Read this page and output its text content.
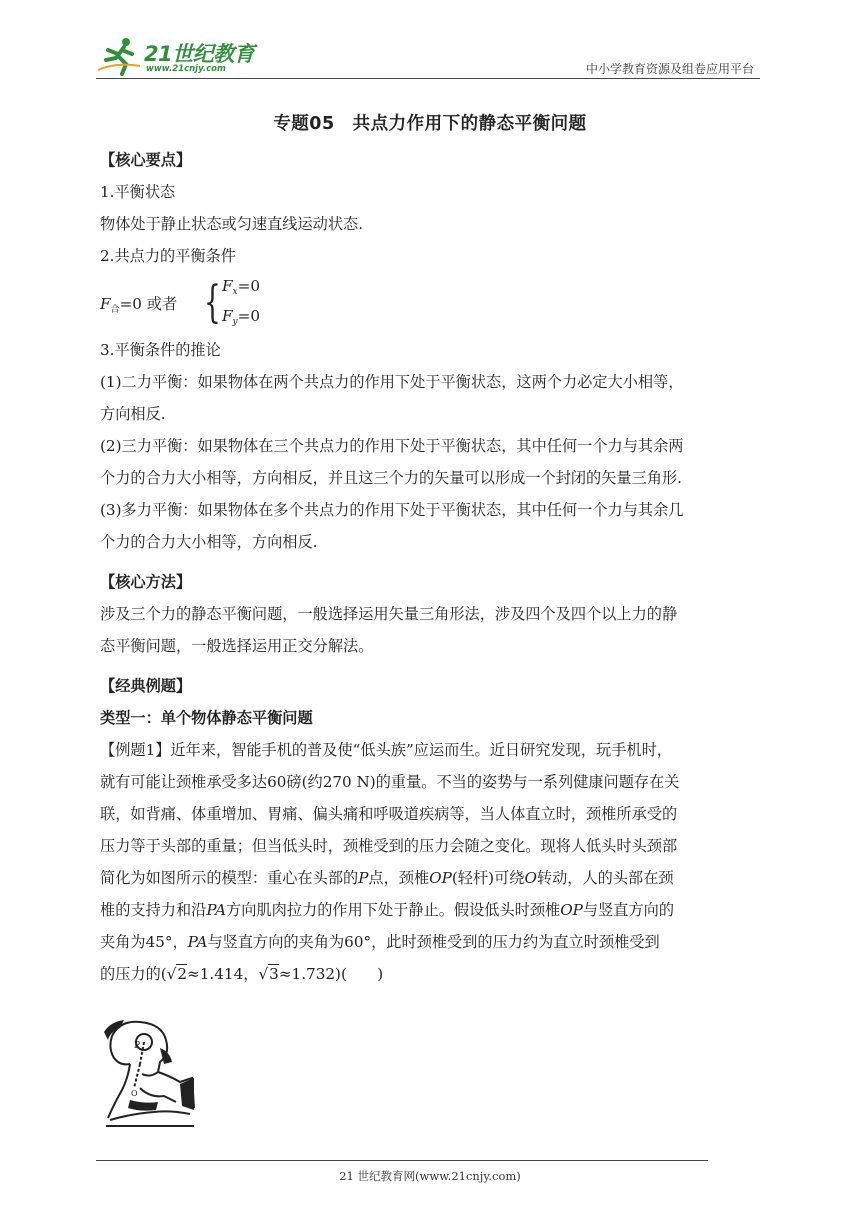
21世纪教育
www.21cnjy.com	中小学教育资源及组卷应用平台
专题05　共点力作用下的静态平衡问题
【核心要点】
1.平衡状态
物体处于静止状态或匀速直线运动状态.
2.共点力的平衡条件
$F_合=0$ 或者 { $F_x=0$
$F_y=0$
3.平衡条件的推论
(1)二力平衡：如果物体在两个共点力的作用下处于平衡状态，这两个力必定大小相等，
方向相反.
(2)三力平衡：如果物体在三个共点力的作用下处于平衡状态，其中任何一个力与其余两
个力的合力大小相等，方向相反，并且这三个力的矢量可以形成一个封闭的矢量三角形.
(3)多力平衡：如果物体在多个共点力的作用下处于平衡状态，其中任何一个力与其余几
个力的合力大小相等，方向相反.
【核心方法】
涉及三个力的静态平衡问题，一般选择运用矢量三角形法，涉及四个及四个以上力的静
态平衡问题，一般选择运用正交分解法。
【经典例题】
类型一：单个物体静态平衡问题
【例题1】近年来，智能手机的普及使“低头族”应运而生。近日研究发现，玩手机时，
就有可能让颈椎承受多达60磅(约270 N)的重量。不当的姿势与一系列健康问题存在关
联，如背痛、体重增加、胃痛、偏头痛和呼吸道疾病等，当人体直立时，颈椎所承受的
压力等于头部的重量；但当低头时，颈椎受到的压力会随之变化。现将人低头时头颈部
简化为如图所示的模型：重心在头部的P点，颈椎OP(轻杆)可绕O转动，人的头部在颈
椎的支持力和沿PA方向肌肉拉力的作用下处于静止。假设低头时颈椎OP与竖直方向的
夹角为45°，PA与竖直方向的夹角为60°，此时颈椎受到的压力约为直立时颈椎受到
的压力的(√2≈1.414，√3≈1.732)(　　)
P
O
21 世纪教育网(www.21cnjy.com)
